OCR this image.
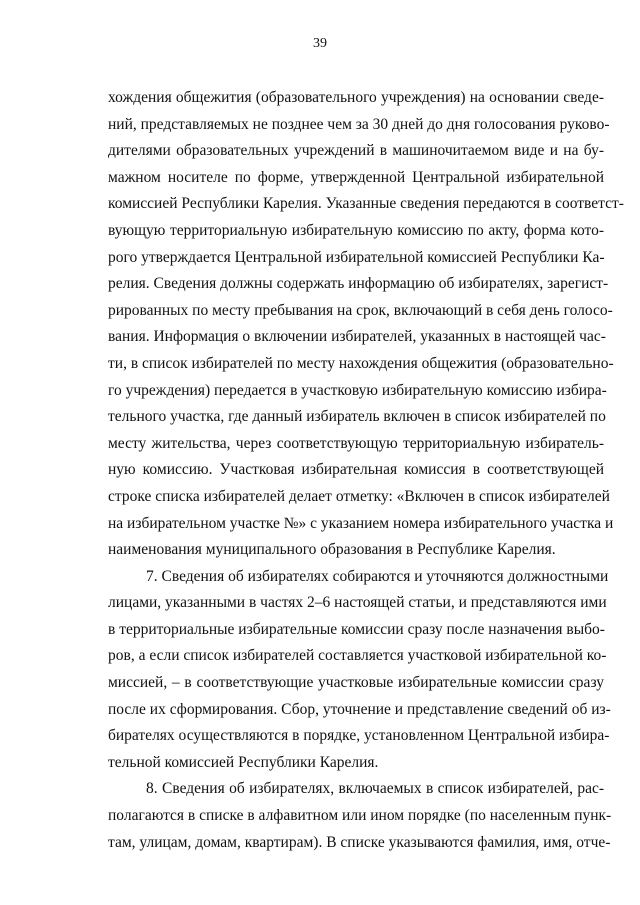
39
хождения общежития (образовательного учреждения) на основании сведе-
ний, представляемых не позднее чем за 30 дней до дня голосования руково-
дителями образовательных учреждений в машиночитаемом виде и на бу-
мажном носителе по форме, утвержденной Центральной избирательной
комиссией Республики Карелия. Указанные сведения передаются в соответст-
вующую территориальную избирательную комиссию по акту, форма кото-
рого утверждается Центральной избирательной комиссией Республики Ка-
релия. Сведения должны содержать информацию об избирателях, зарегист-
рированных по месту пребывания на срок, включающий в себя день голосо-
вания. Информация о включении избирателей, указанных в настоящей час-
ти, в список избирателей по месту нахождения общежития (образовательно-
го учреждения) передается в участковую избирательную комиссию избира-
тельного участка, где данный избиратель включен в список избирателей по
месту жительства, через соответствующую территориальную избиратель-
ную комиссию. Участковая избирательная комиссия в соответствующей
строке списка избирателей делает отметку: «Включен в список избирателей
на избирательном участке №» с указанием номера избирательного участка и
наименования муниципального образования в Республике Карелия.
7. Сведения об избирателях собираются и уточняются должностными
лицами, указанными в частях 2–6 настоящей статьи, и представляются ими
в территориальные избирательные комиссии сразу после назначения выбо-
ров, а если список избирателей составляется участковой избирательной ко-
миссией, – в соответствующие участковые избирательные комиссии сразу
после их сформирования. Сбор, уточнение и представление сведений об из-
бирателях осуществляются в порядке, установленном Центральной избира-
тельной комиссией Республики Карелия.
8. Сведения об избирателях, включаемых в список избирателей, рас-
полагаются в списке в алфавитном или ином порядке (по населенным пунк-
там, улицам, домам, квартирам). В списке указываются фамилия, имя, отче-
